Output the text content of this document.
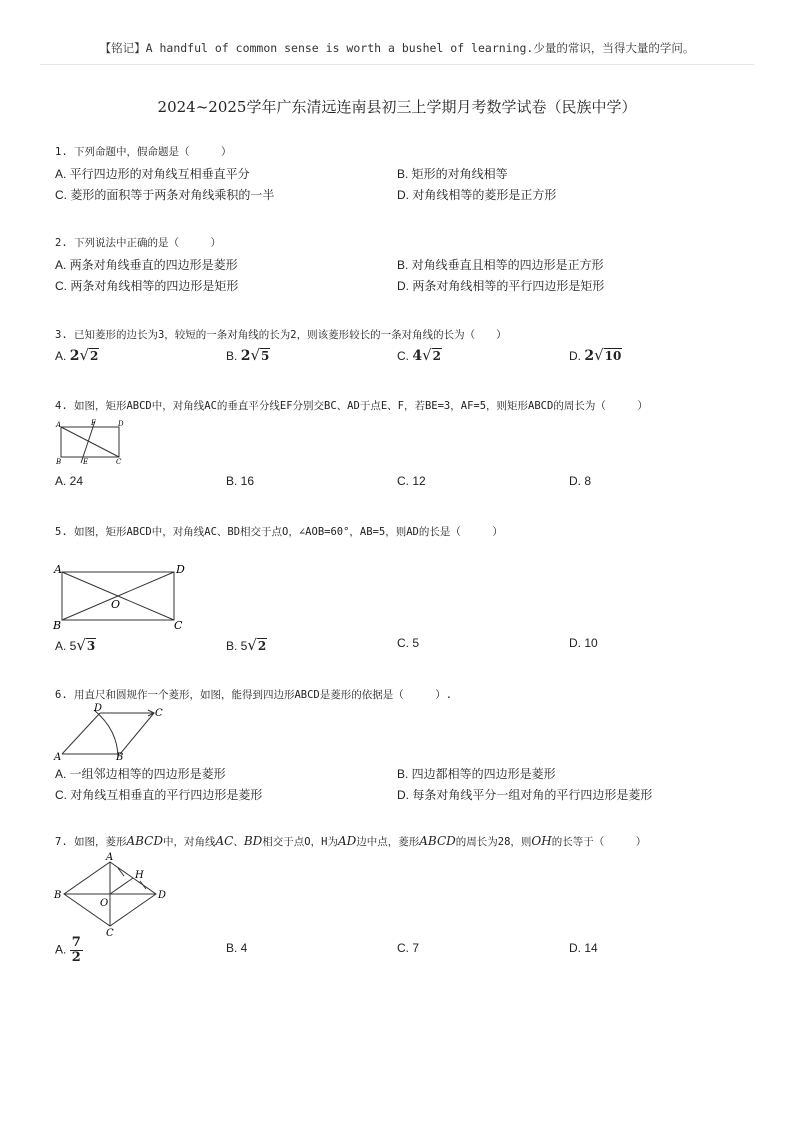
【铭记】A handful of common sense is worth a bushel of learning.少量的常识，当得大量的学问。
2024~2025学年广东清远连南县初三上学期月考数学试卷（民族中学）
1. 下列命题中，假命题是（　　　）
A. 平行四边形的对角线互相垂直平分	B. 矩形的对角线相等
C. 菱形的面积等于两条对角线乘积的一半	D. 对角线相等的菱形是正方形
2. 下列说法中正确的是（　　　）
A. 两条对角线垂直的四边形是菱形	B. 对角线垂直且相等的四边形是正方形
C. 两条对角线相等的四边形是矩形	D. 两条对角线相等的平行四边形是矩形
3. 已知菱形的边长为3，较短的一条对角线的长为2，则该菱形较长的一条对角线的长为（　　）
A. 2√2	B. 2√5	C. 4√2	D. 2√10
4. 如图，矩形ABCD中，对角线AC的垂直平分线EF分别交BC、AD于点E、F，若BE=3，AF=5，则矩形ABCD的周长为（　　　）
A	F	D
B	E	C
A. 24	B. 16	C. 12	D. 8
5. 如图，矩形ABCD中，对角线AC、BD相交于点O，∠AOB=60°，AB=5，则AD的长是（　　　）
A	D
O
B	C
A. 5√3	B. 5√2	C. 5	D. 10
6. 用直尺和圆规作一个菱形，如图，能得到四边形ABCD是菱形的依据是（　　　）.
D	C
A	B
A. 一组邻边相等的四边形是菱形	B. 四边都相等的四边形是菱形
C. 对角线互相垂直的平行四边形是菱形	D. 每条对角线平分一组对角的平行四边形是菱形
7. 如图，菱形ABCD中，对角线AC、BD相交于点O，H为AD边中点，菱形ABCD的周长为28，则OH的长等于（　　　）
A
H
B
O
D
C
A. $\frac{7}{2}$	B. 4	C. 7	D. 14
